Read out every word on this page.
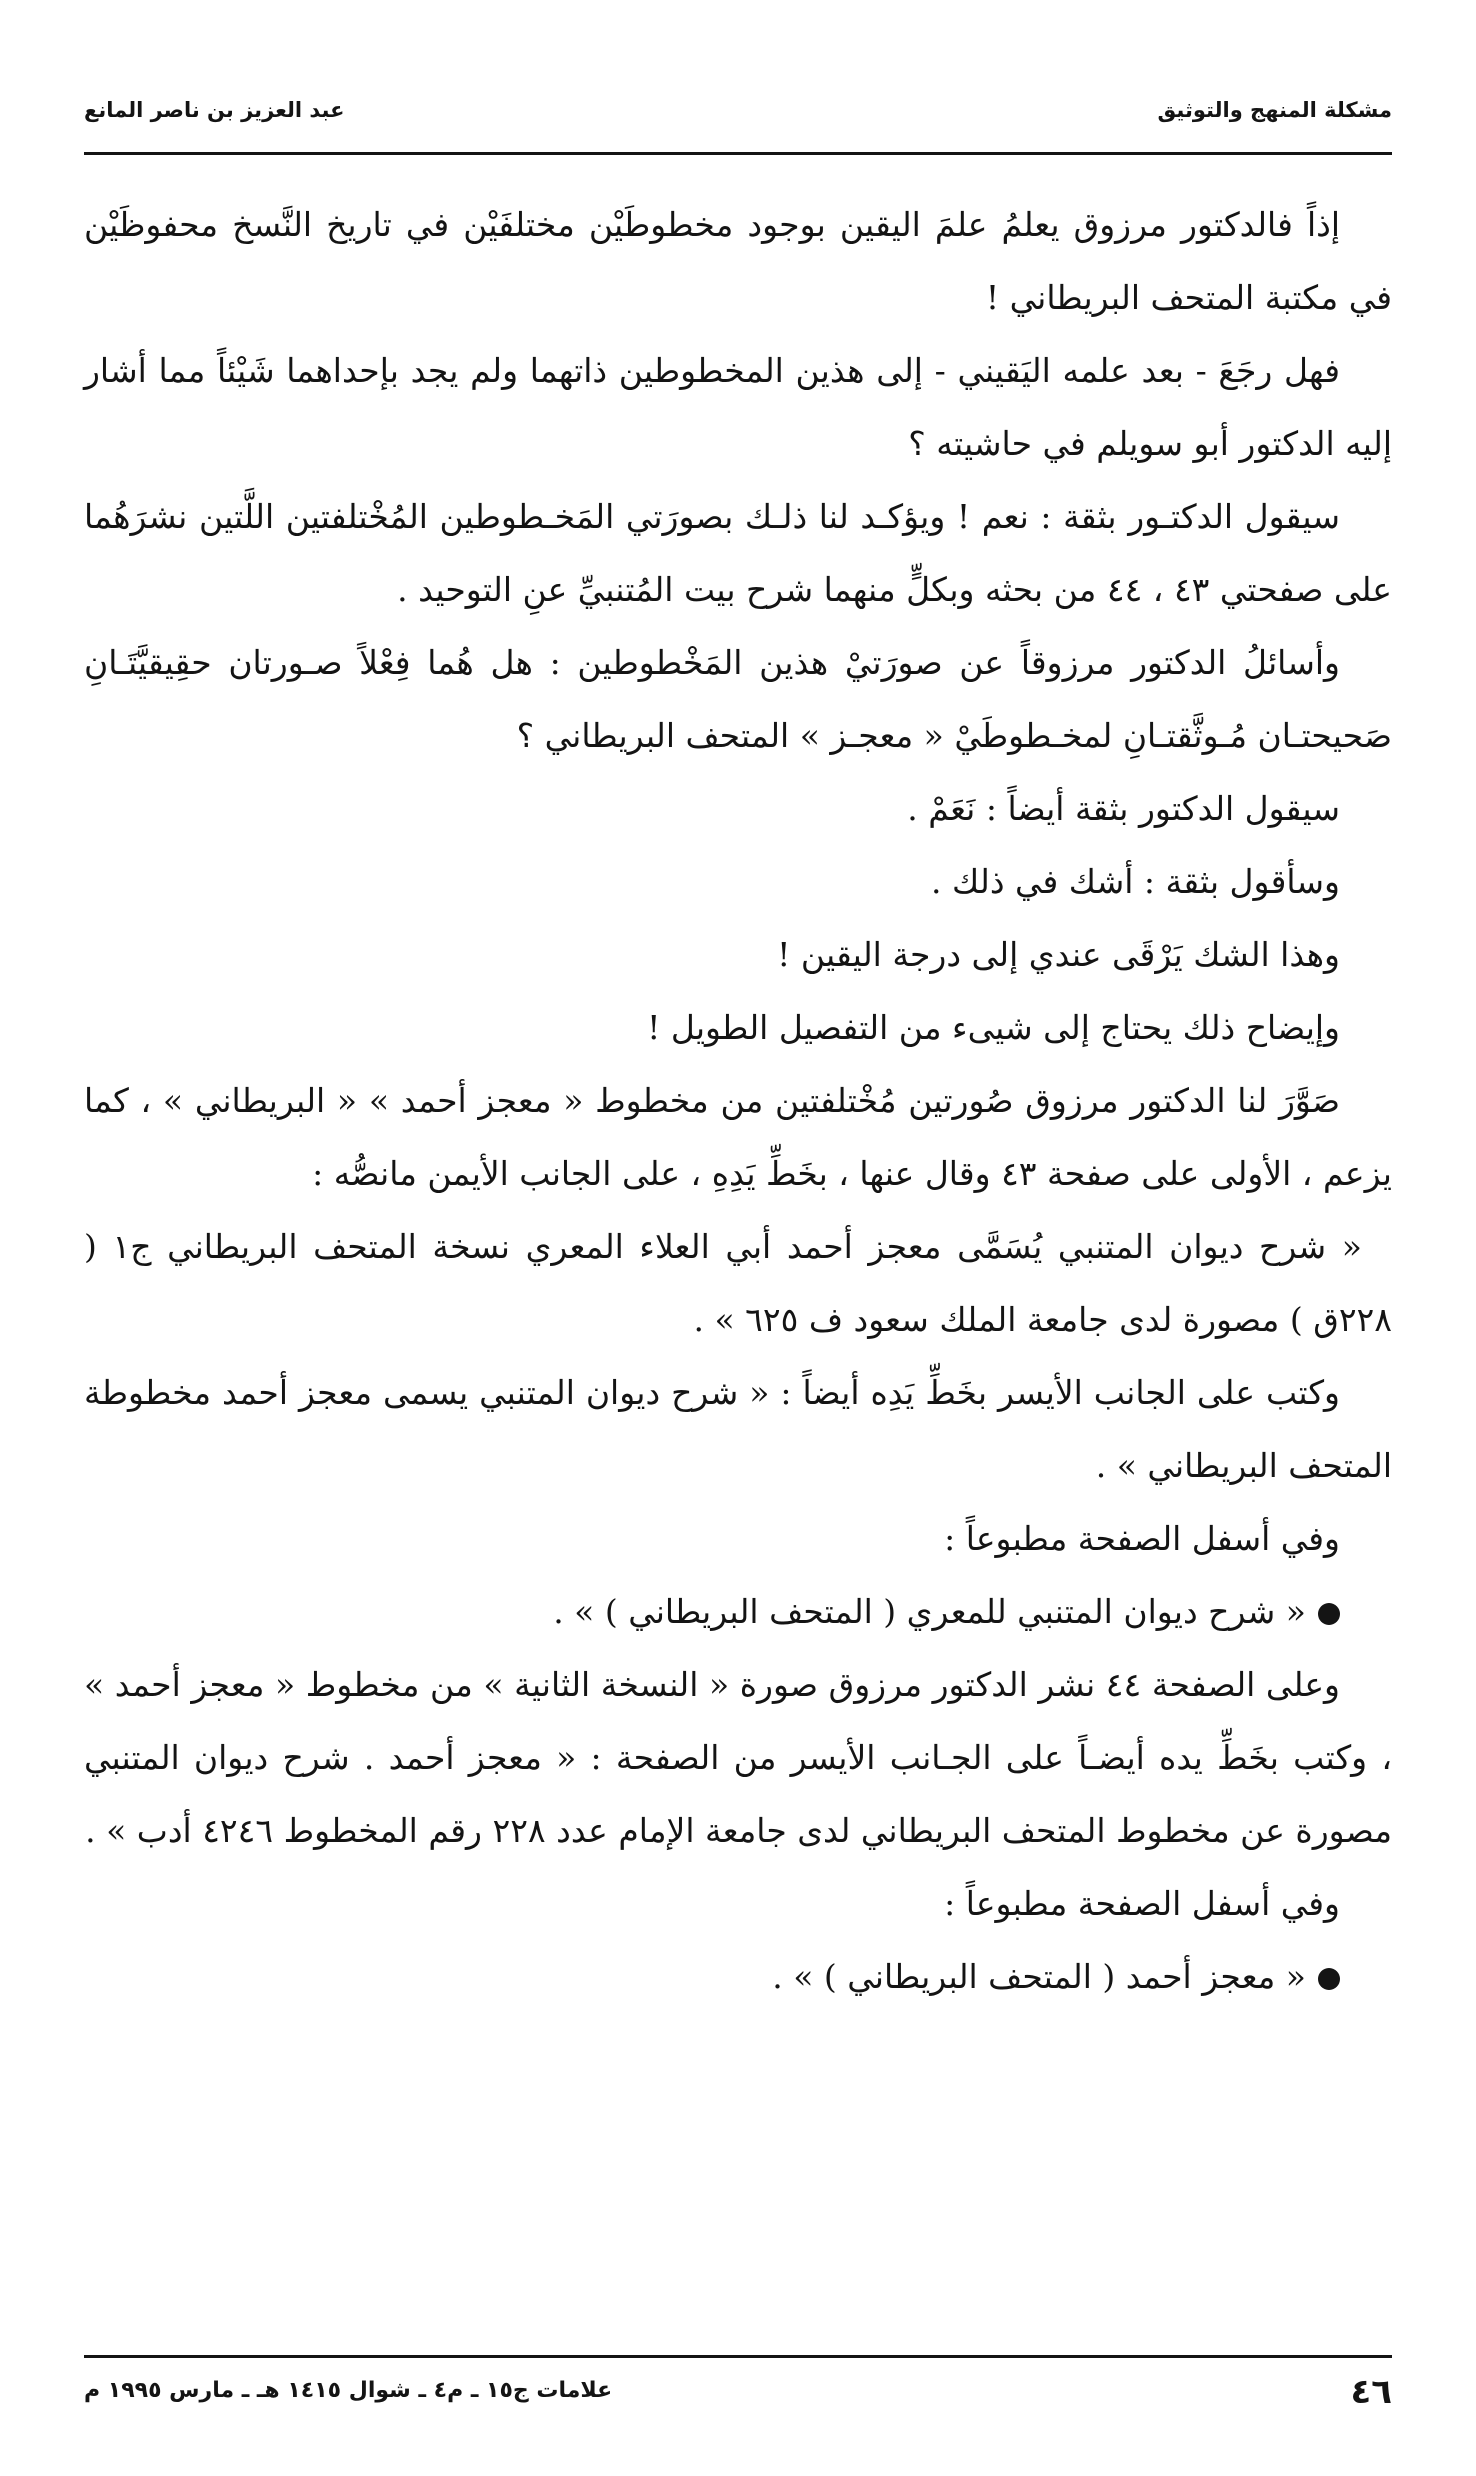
مشكلة المنهج والتوثيق
عبد العزيز بن ناصر المانع

إذاً فالدكتور مرزوق يعلمُ علمَ اليقين بوجود مخطوطَيْن مختلفَيْن في تاريخ النَّسخ محفوظَيْن في مكتبة المتحف البريطاني !

فهل رجَعَ - بعد علمه اليَقيني - إلى هذين المخطوطين ذاتهما ولم يجد بإحداهما شَيْئاً مما أشار إليه الدكتور أبو سويلم في حاشيته ؟

سيقول الدكتـور بثقة : نعم ! ويؤكـد لنا ذلـك بصورَتي المَخـطوطين المُخْتلفتين اللَّتين نشرَهُما على صفحتي ٤٣ ، ٤٤ من بحثه وبكلٍّ منهما شرح بيت المُتنبيِّ عنِ التوحيد .

وأسائلُ الدكتور مرزوقاً عن صورَتيْ هذين المَخْطوطين : هل هُما فِعْلاً صـورتان حقِيقيَّتَـانِ صَحيحتـان مُـوثَّقتـانِ لمخـطوطَيْ « معجـز » المتحف البريطاني ؟

سيقول الدكتور بثقة أيضاً : نَعَمْ .

وسأقول بثقة : أشك في ذلك .

وهذا الشك يَرْقَى عندي إلى درجة اليقين !

وإيضاح ذلك يحتاج إلى شيىء من التفصيل الطويل !

صَوَّرَ لنا الدكتور مرزوق صُورتين مُخْتلفتين من مخطوط « معجز أحمد » « البريطاني » ، كما يزعم ، الأولى على صفحة ٤٣ وقال عنها ، بخَطِّ يَدِهِ ، على الجانب الأيمن مانصُّه :

« شرح ديوان المتنبي يُسَمَّى معجز أحمد أبي العلاء المعري نسخة المتحف البريطاني ج١ ( ٢٢٨ق ) مصورة لدى جامعة الملك سعود ف ٦٢٥ » .

وكتب على الجانب الأيسر بخَطِّ يَدِه أيضاً : « شرح ديوان المتنبي يسمى معجز أحمد مخطوطة المتحف البريطاني » .

وفي أسفل الصفحة مطبوعاً :

« شرح ديوان المتنبي للمعري ( المتحف البريطاني ) » .

وعلى الصفحة ٤٤ نشر الدكتور مرزوق صورة « النسخة الثانية » من مخطوط « معجز أحمد » ، وكتب بخَطِّ يده أيضـاً على الجـانب الأيسر من الصفحة : « معجز أحمد . شرح ديوان المتنبي مصورة عن مخطوط المتحف البريطاني لدى جامعة الإمام عدد ٢٢٨ رقم المخطوط ٤٢٤٦ أدب » .

وفي أسفل الصفحة مطبوعاً :

« معجز أحمد ( المتحف البريطاني ) » .

٤٦
علامات ج١٥ ـ م٤ ـ شوال ١٤١٥ هـ ـ مارس ١٩٩٥ م
